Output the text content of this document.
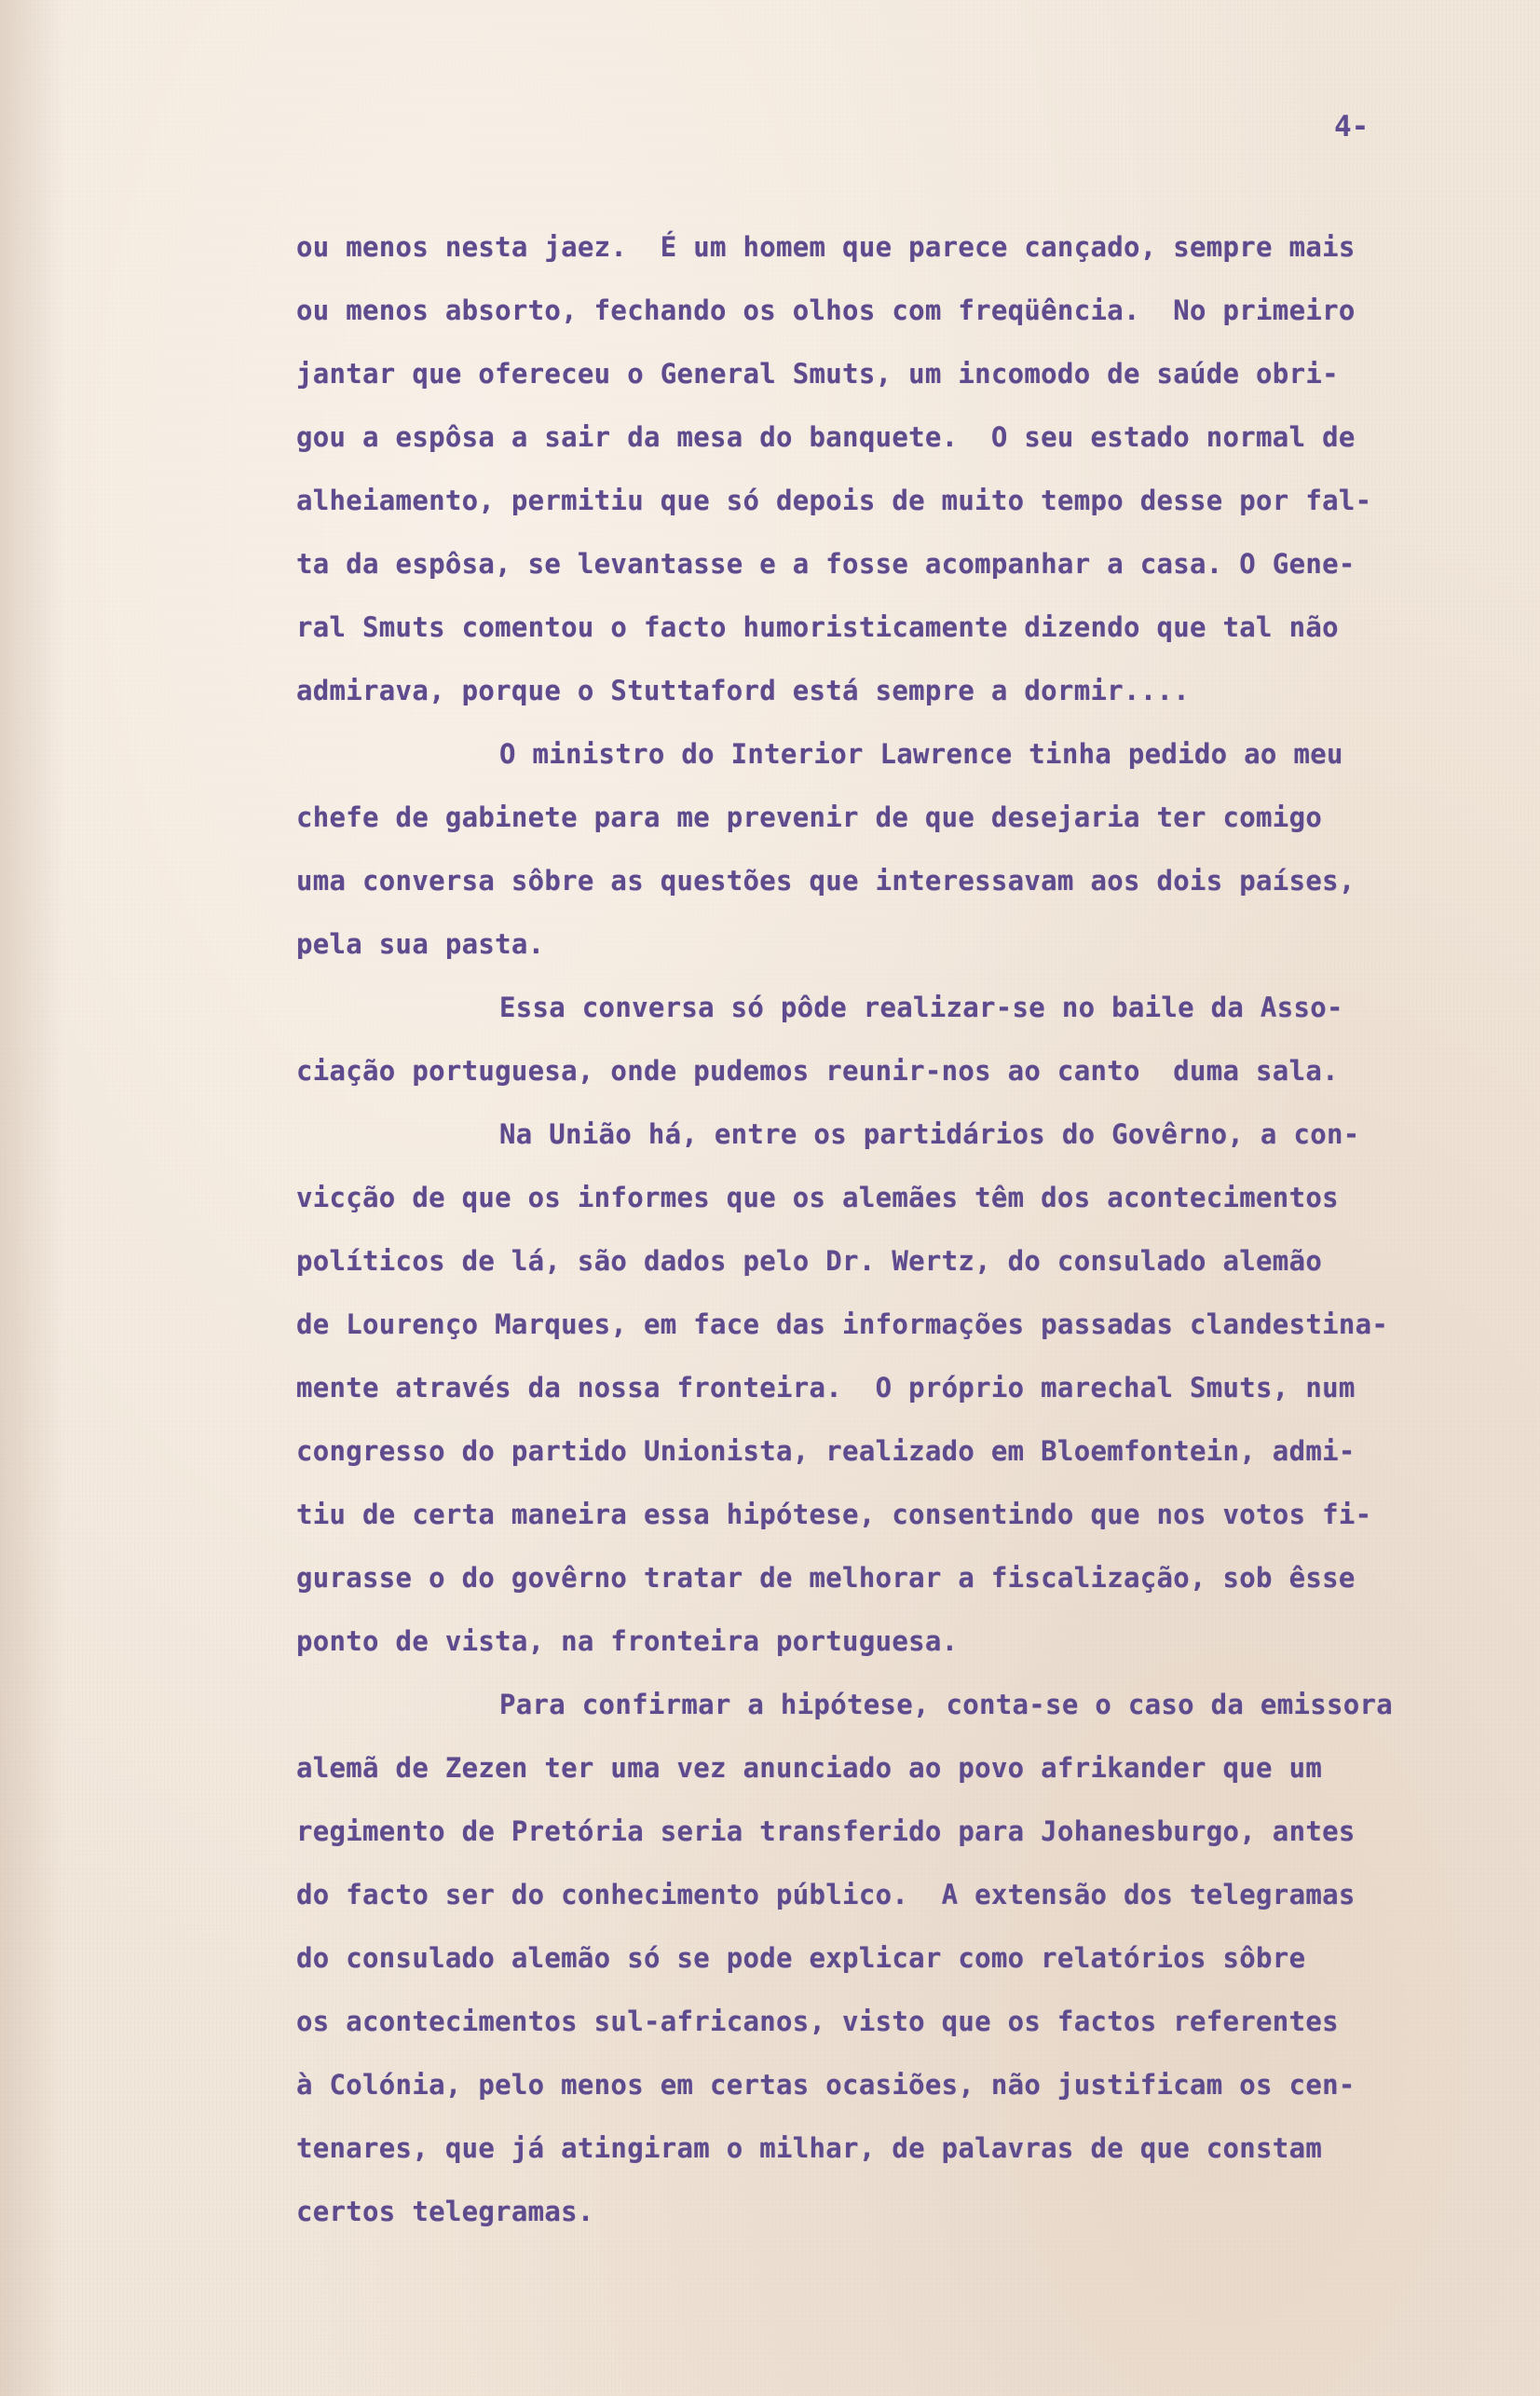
4-
ou menos nesta jaez.  É um homem que parece cançado, sempre mais
ou menos absorto, fechando os olhos com freqüência.  No primeiro
jantar que ofereceu o General Smuts, um incomodo de saúde obri-
gou a espôsa a sair da mesa do banquete.  O seu estado normal de
alheiamento, permitiu que só depois de muito tempo desse por fal-
ta da espôsa, se levantasse e a fosse acompanhar a casa. O Gene-
ral Smuts comentou o facto humoristicamente dizendo que tal não
admirava, porque o Stuttaford está sempre a dormir....
O ministro do Interior Lawrence tinha pedido ao meu
chefe de gabinete para me prevenir de que desejaria ter comigo
uma conversa sôbre as questões que interessavam aos dois países,
pela sua pasta.
Essa conversa só pôde realizar-se no baile da Asso-
ciação portuguesa, onde pudemos reunir-nos ao canto  duma sala.
Na União há, entre os partidários do Govêrno, a con-
vicção de que os informes que os alemães têm dos acontecimentos
políticos de lá, são dados pelo Dr. Wertz, do consulado alemão
de Lourenço Marques, em face das informações passadas clandestina-
mente através da nossa fronteira.  O próprio marechal Smuts, num
congresso do partido Unionista, realizado em Bloemfontein, admi-
tiu de certa maneira essa hipótese, consentindo que nos votos fi-
gurasse o do govêrno tratar de melhorar a fiscalização, sob êsse
ponto de vista, na fronteira portuguesa.
Para confirmar a hipótese, conta-se o caso da emissora
alemã de Zezen ter uma vez anunciado ao povo afrikander que um
regimento de Pretória seria transferido para Johanesburgo, antes
do facto ser do conhecimento público.  A extensão dos telegramas
do consulado alemão só se pode explicar como relatórios sôbre
os acontecimentos sul-africanos, visto que os factos referentes
à Colónia, pelo menos em certas ocasiões, não justificam os cen-
tenares, que já atingiram o milhar, de palavras de que constam
certos telegramas.
